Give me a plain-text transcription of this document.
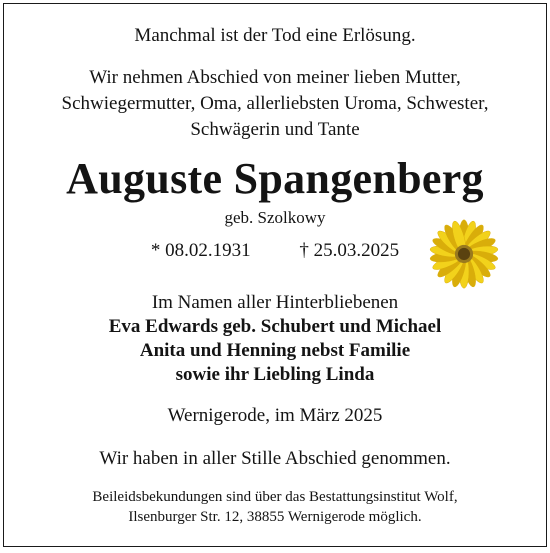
Manchmal ist der Tod eine Erlösung.
Wir nehmen Abschied von meiner lieben Mutter,
Schwiegermutter, Oma, allerliebsten Uroma, Schwester,
Schwägerin und Tante
Auguste Spangenberg
geb. Szolkowy
* 08.02.1931	† 25.03.2025
Im Namen aller Hinterbliebenen
Eva Edwards geb. Schubert und Michael
Anita und Henning nebst Familie
sowie ihr Liebling Linda
Wernigerode, im März 2025
Wir haben in aller Stille Abschied genommen.
Beileidsbekundungen sind über das Bestattungsinstitut Wolf,
Ilsenburger Str. 12, 38855 Wernigerode möglich.
